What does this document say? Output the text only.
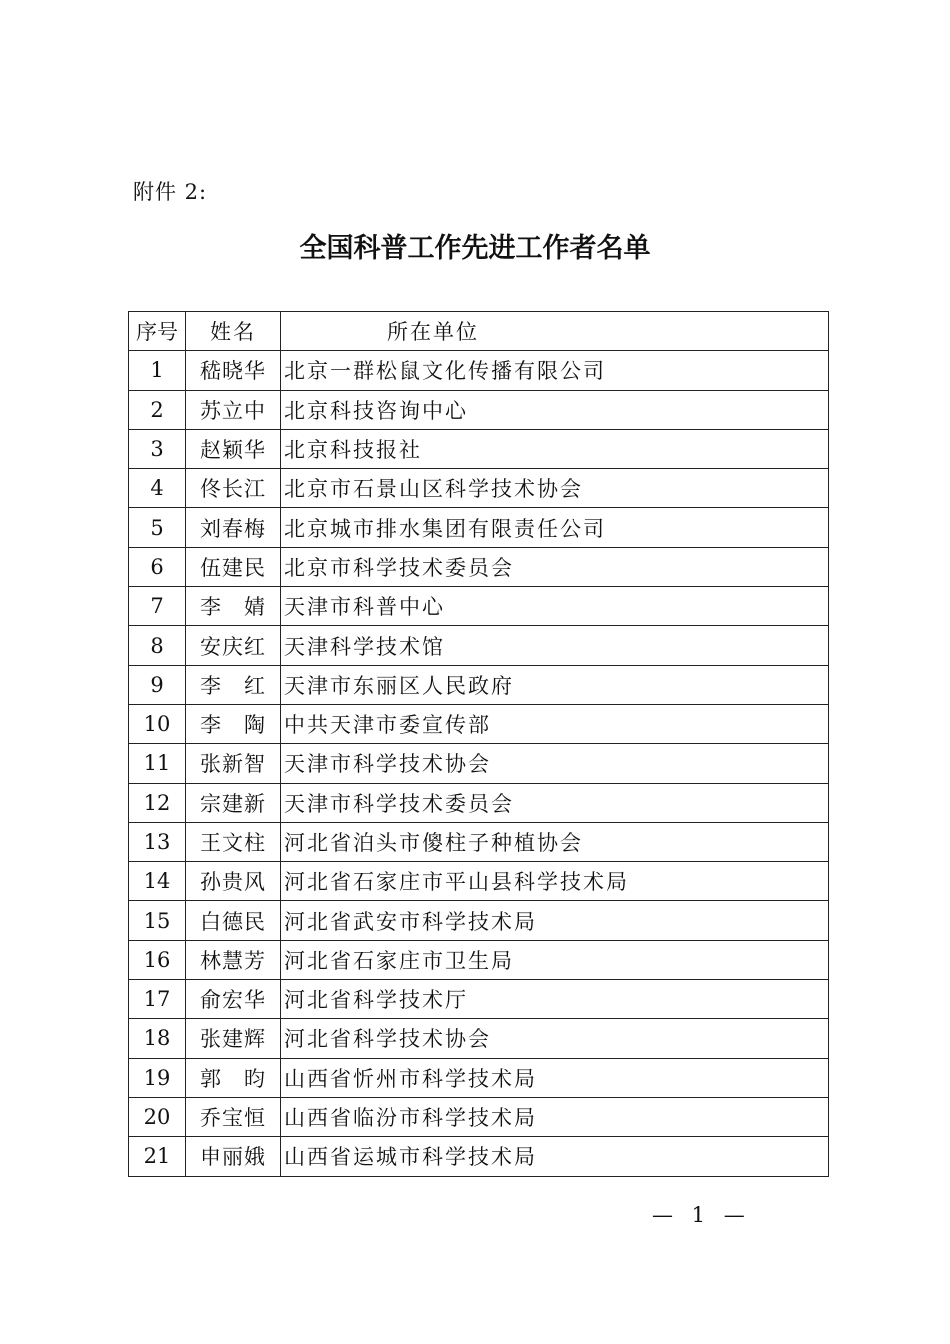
附件 2:
全国科普工作先进工作者名单
序号	姓名	所在单位
1	嵇晓华	北京一群松鼠文化传播有限公司
2	苏立中	北京科技咨询中心
3	赵颖华	北京科技报社
4	佟长江	北京市石景山区科学技术协会
5	刘春梅	北京城市排水集团有限责任公司
6	伍建民	北京市科学技术委员会
7	李　婧	天津市科普中心
8	安庆红	天津科学技术馆
9	李　红	天津市东丽区人民政府
10	李　陶	中共天津市委宣传部
11	张新智	天津市科学技术协会
12	宗建新	天津市科学技术委员会
13	王文柱	河北省泊头市傻柱子种植协会
14	孙贵风	河北省石家庄市平山县科学技术局
15	白德民	河北省武安市科学技术局
16	林慧芳	河北省石家庄市卫生局
17	俞宏华	河北省科学技术厅
18	张建辉	河北省科学技术协会
19	郭　昀	山西省忻州市科学技术局
20	乔宝恒	山西省临汾市科学技术局
21	申丽娥	山西省运城市科学技术局
— 1 —
